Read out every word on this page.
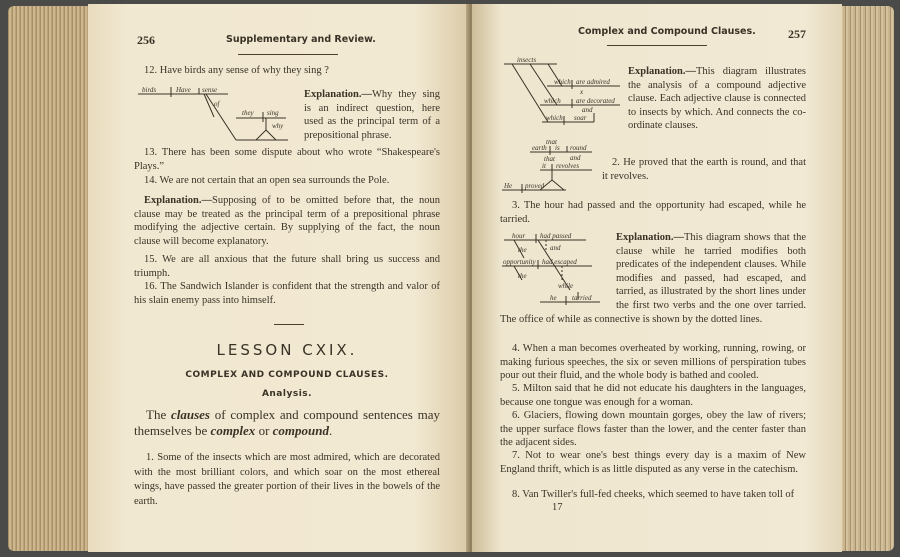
256	Supplementary and Review.
12. Have birds any sense of why they sing ?
birds	Have sense
of
they sing
why
Explanation.—Why they sing is an indirect question, here used as the principal term of a prepositional phrase.
13. There has been some dispute about who wrote “Shakespeare's Plays.”
14. We are not certain that an open sea surrounds the Pole.
Explanation.—Supposing of to be omitted before that, the noun clause may be treated as the principal term of a prepositional phrase modifying the adjective certain. By supplying of the fact, the noun clause will become explanatory.
15. We are all anxious that the future shall bring us success and triumph.
16. The Sandwich Islander is confident that the strength and valor of his slain enemy pass into himself.
LESSON CXIX.
COMPLEX AND COMPOUND CLAUSES.
Analysis.
The clauses of complex and compound sentences may themselves be complex or compound.
1. Some of the insects which are most admired, which are decorated with the most brilliant colors, and which soar on the most ethereal wings, have passed the greater portion of their lives in the bowels of the earth.
Complex and Compound Clauses.	257
insects
which are admired
which are decorated
which soar
x
and
Explanation.—This diagram illustrates the analysis of a compound adjective clause. Each adjective clause is connected to insects by which. And connects the co-ordinate clauses.
that
earth is round
and
that
it revolves
He proved
2. He proved that the earth is round, and that it revolves.
3. The hour had passed and the opportunity had escaped, while he tarried.
hour had passed
and
opportunity had escaped
he tarried
the
the
while
Explanation.—This diagram shows that the clause while he tarried modifies both predicates of the independent clauses. While modifies and passed, had escaped, and tarried, as illustrated by the short lines under the first two verbs and the one over tarried. The office of while as connective is shown by the dotted lines.
4. When a man becomes overheated by working, running, rowing, or making furious speeches, the six or seven millions of perspiration tubes pour out their fluid, and the whole body is bathed and cooled.
5. Milton said that he did not educate his daughters in the languages, because one tongue was enough for a woman.
6. Glaciers, flowing down mountain gorges, obey the law of rivers; the upper surface flows faster than the lower, and the center faster than the adjacent sides.
7. Not to wear one's best things every day is a maxim of New England thrift, which is as little disputed as any verse in the catechism.
8. Van Twiller's full-fed cheeks, which seemed to have taken toll of
17
